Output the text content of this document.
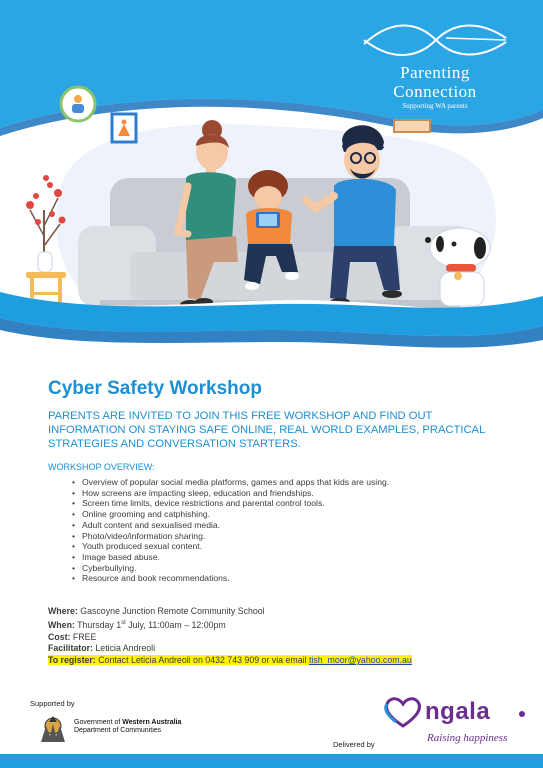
Parenting
Connection
Supporting WA parents
Cyber Safety Workshop
PARENTS ARE INVITED TO JOIN THIS FREE WORKSHOP AND FIND OUT INFORMATION ON STAYING SAFE ONLINE, REAL WORLD EXAMPLES, PRACTICAL STRATEGIES AND CONVERSATION STARTERS.
WORKSHOP OVERVIEW:
• Overview of popular social media platforms, games and apps that kids are using.
• How screens are impacting sleep, education and friendships.
• Screen time limits, device restrictions and parental control tools.
• Online grooming and catphishing.
• Adult content and sexualised media.
• Photo/video/information sharing.
• Youth produced sexual content.
• Image based abuse.
• Cyberbullying.
• Resource and book recommendations.
Where: Gascoyne Junction Remote Community School
When: Thursday 1st July, 11:00am – 12:00pm
Cost: FREE
Facilitator: Leticia Andreoli
To register: Contact Leticia Andreoli on 0432 743 909 or via email tish_moor@yahoo.com.au
Supported by
Government of Western Australia
Department of Communities
Delivered by
ngala
Raising happiness
